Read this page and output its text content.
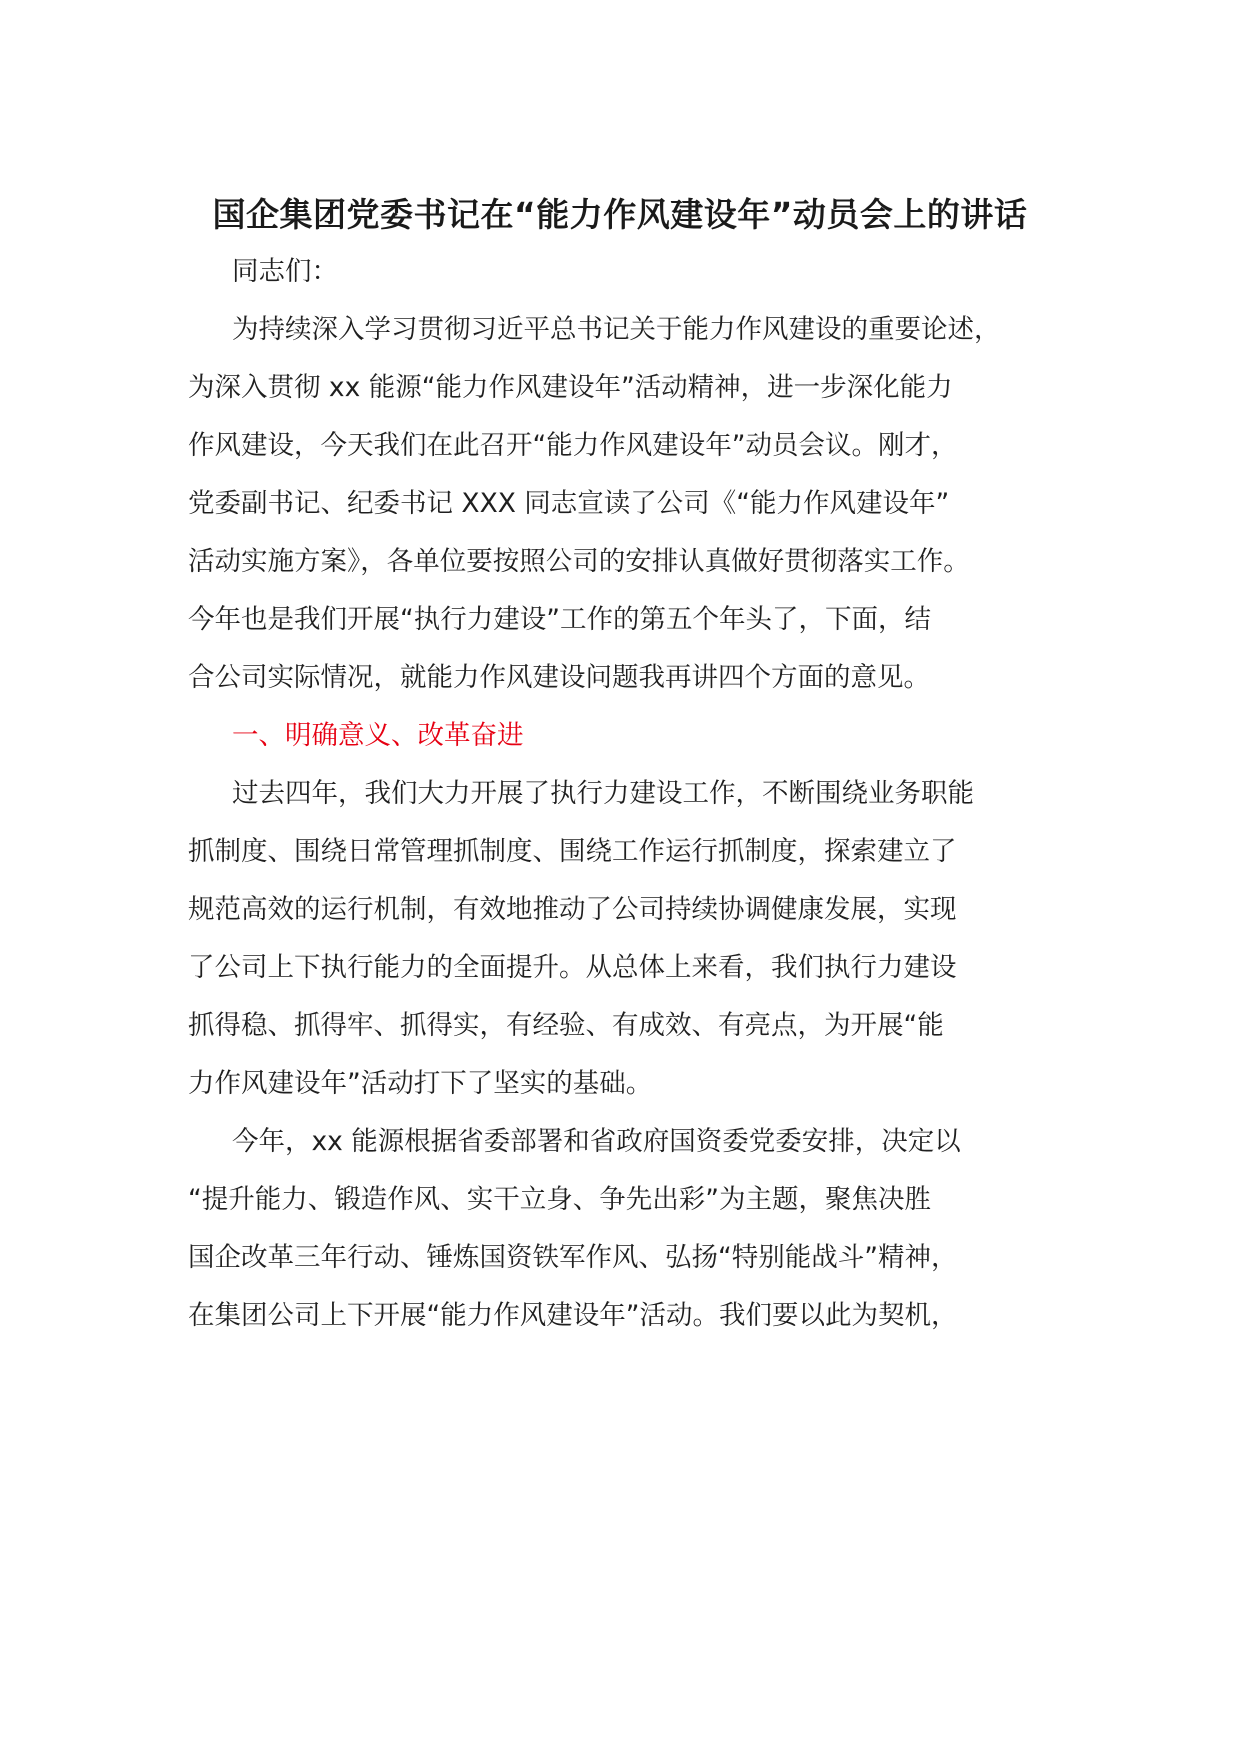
国企集团党委书记在“能力作风建设年”动员会上的讲话
同志们：
为持续深入学习贯彻习近平总书记关于能力作风建设的重要论述，
为深入贯彻 xx 能源“能力作风建设年”活动精神，进一步深化能力
作风建设，今天我们在此召开“能力作风建设年”动员会议。刚才，
党委副书记、纪委书记 XXX 同志宣读了公司《“能力作风建设年”
活动实施方案》，各单位要按照公司的安排认真做好贯彻落实工作。
今年也是我们开展“执行力建设”工作的第五个年头了，下面，结
合公司实际情况，就能力作风建设问题我再讲四个方面的意见。
一、明确意义、改革奋进
过去四年，我们大力开展了执行力建设工作，不断围绕业务职能
抓制度、围绕日常管理抓制度、围绕工作运行抓制度，探索建立了
规范高效的运行机制，有效地推动了公司持续协调健康发展，实现
了公司上下执行能力的全面提升。从总体上来看，我们执行力建设
抓得稳、抓得牢、抓得实，有经验、有成效、有亮点，为开展“能
力作风建设年”活动打下了坚实的基础。
今年，xx 能源根据省委部署和省政府国资委党委安排，决定以
“提升能力、锻造作风、实干立身、争先出彩”为主题，聚焦决胜
国企改革三年行动、锤炼国资铁军作风、弘扬“特别能战斗”精神，
在集团公司上下开展“能力作风建设年”活动。我们要以此为契机，
